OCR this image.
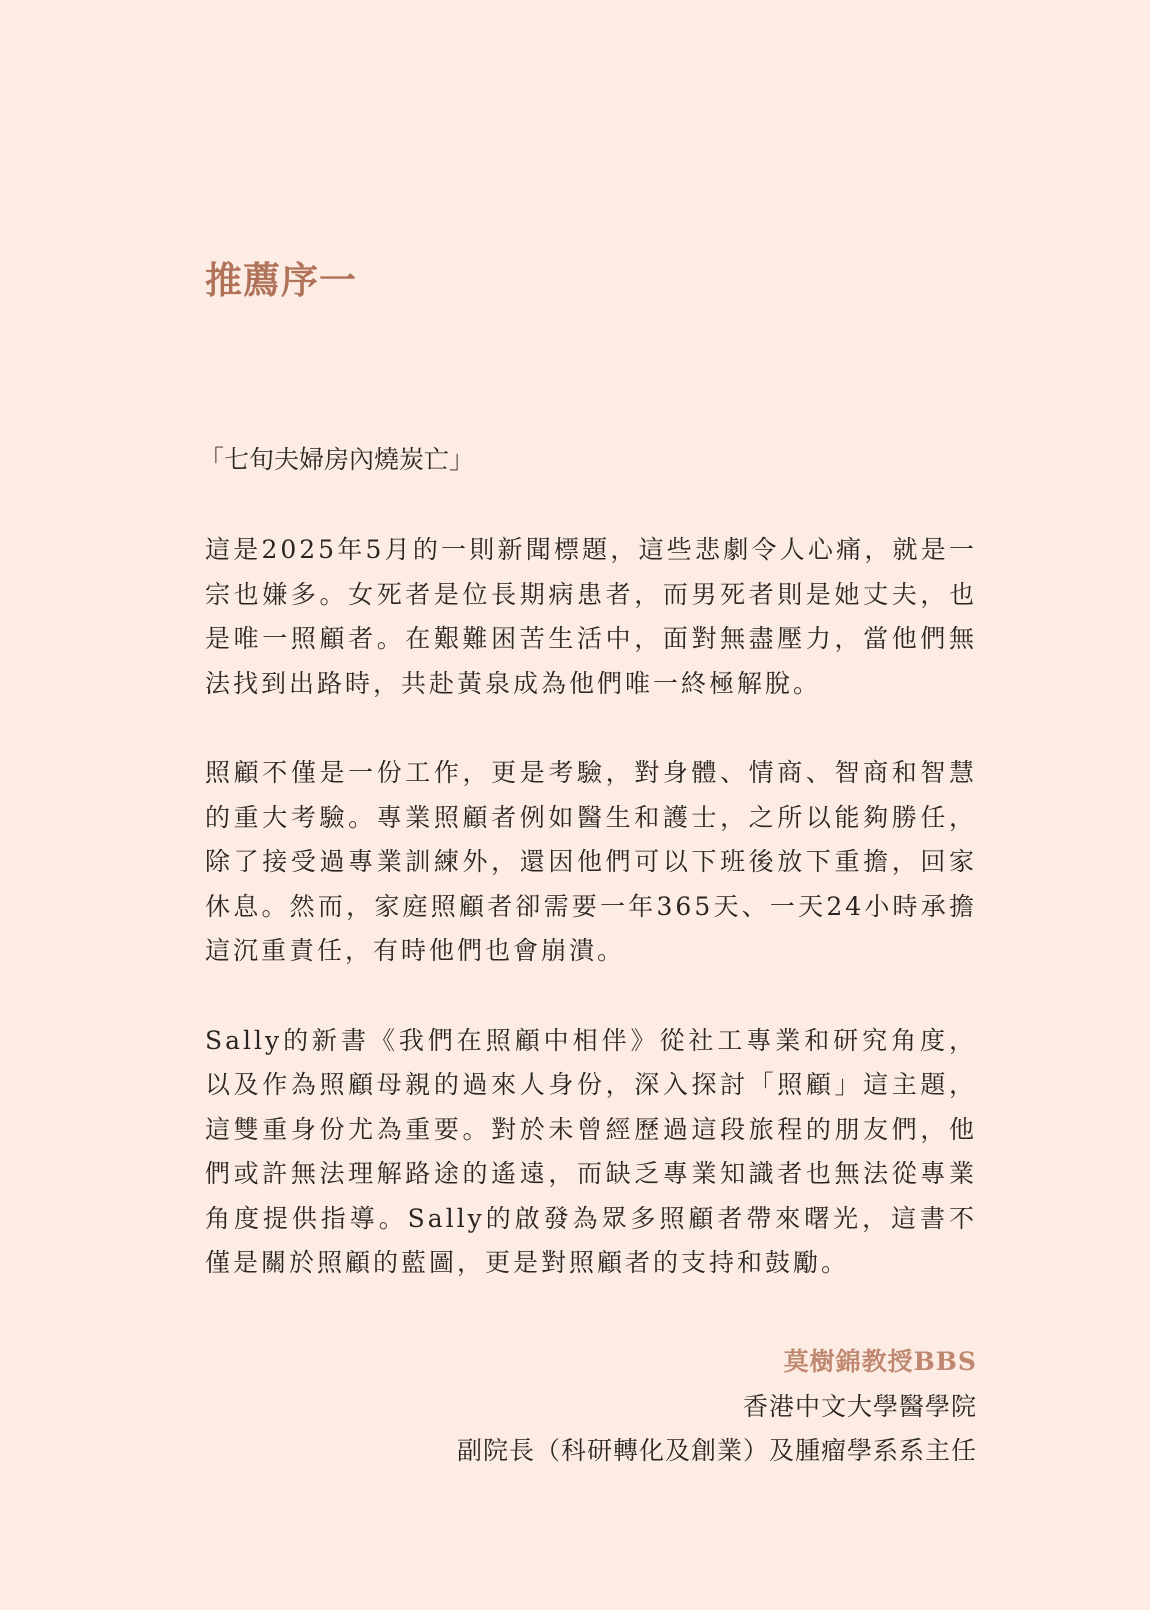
推薦序一

「七旬夫婦房內燒炭亡」

這是2025年5月的一則新聞標題，這些悲劇令人心痛，就是一宗也嫌多。女死者是位長期病患者，而男死者則是她丈夫，也是唯一照顧者。在艱難困苦生活中，面對無盡壓力，當他們無法找到出路時，共赴黃泉成為他們唯一終極解脫。

照顧不僅是一份工作，更是考驗，對身體、情商、智商和智慧的重大考驗。專業照顧者例如醫生和護士，之所以能夠勝任，除了接受過專業訓練外，還因他們可以下班後放下重擔，回家休息。然而，家庭照顧者卻需要一年365天、一天24小時承擔這沉重責任，有時他們也會崩潰。

Sally的新書《我們在照顧中相伴》從社工專業和研究角度，以及作為照顧母親的過來人身份，深入探討「照顧」這主題，這雙重身份尤為重要。對於未曾經歷過這段旅程的朋友們，他們或許無法理解路途的遙遠，而缺乏專業知識者也無法從專業角度提供指導。Sally的啟發為眾多照顧者帶來曙光，這書不僅是關於照顧的藍圖，更是對照顧者的支持和鼓勵。

莫樹錦教授BBS
香港中文大學醫學院
副院長（科研轉化及創業）及腫瘤學系系主任
